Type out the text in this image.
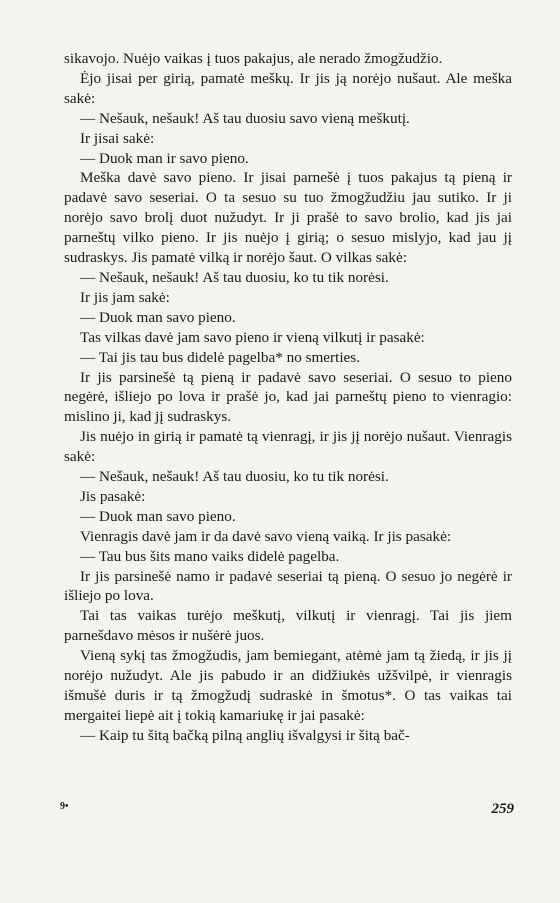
sikavojo. Nuėjo vaikas į tuos pakajus, ale nerado žmogžudžio.

Ėjo jisai per girią, pamatė meškų. Ir jis ją norėjo nušaut. Ale meška sakė:

— Nešauk, nešauk! Aš tau duosiu savo vieną meškutį.

Ir jisai sakė:

— Duok man ir savo pieno.

Meška davė savo pieno. Ir jisai parnešė į tuos pakajus tą pieną ir padavė savo seseriai. O ta sesuo su tuo žmogžudžiu jau sutiko. Ir ji norėjo savo brolį duot nužudyt. Ir ji prašė to savo brolio, kad jis jai parneštų vilko pieno. Ir jis nuėjo į girią; o sesuo mislyjo, kad jau jį sudraskys. Jis pamatė vilką ir norėjo šaut. O vilkas sakė:

— Nešauk, nešauk! Aš tau duosiu, ko tu tik norėsi.

Ir jis jam sakė:

— Duok man savo pieno.

Tas vilkas davė jam savo pieno ir vieną vilkutį ir pasakė:

— Tai jis tau bus didelė pagelba* no smerties.

Ir jis parsinešė tą pieną ir padavė savo seseriai. O sesuo to pieno negėrė, išliejo po lova ir prašė jo, kad jai parneštų pieno to vienragio: mislino ji, kad jį sudraskys.

Jis nuėjo in girią ir pamatė tą vienragį, ir jis jį norėjo nušaut. Vienragis sakė:

— Nešauk, nešauk! Aš tau duosiu, ko tu tik norėsi.

Jis pasakė:

— Duok man savo pieno.

Vienragis davė jam ir da davė savo vieną vaiką. Ir jis pasakė:

— Tau bus šits mano vaiks didelė pagelba.

Ir jis parsinešė namo ir padavė seseriai tą pieną. O sesuo jo negėrė ir išliejo po lova.

Tai tas vaikas turėjo meškutį, vilkutį ir vienragį. Tai jis jiem parnešdavo mėsos ir nušėrė juos.

Vieną sykį tas žmogžudis, jam bemiegant, atėmė jam tą žiedą, ir jis jį norėjo nužudyt. Ale jis pabudo ir an didžiukės užšvilpė, ir vienragis išmušė duris ir tą žmogžudį sudraskė in šmotus*. O tas vaikas tai mergaitei liepė ait į tokią kamariukę ir jai pasakė:

— Kaip tu šitą bačką pilną anglių išvalgysi ir šitą bač-

9•	259
